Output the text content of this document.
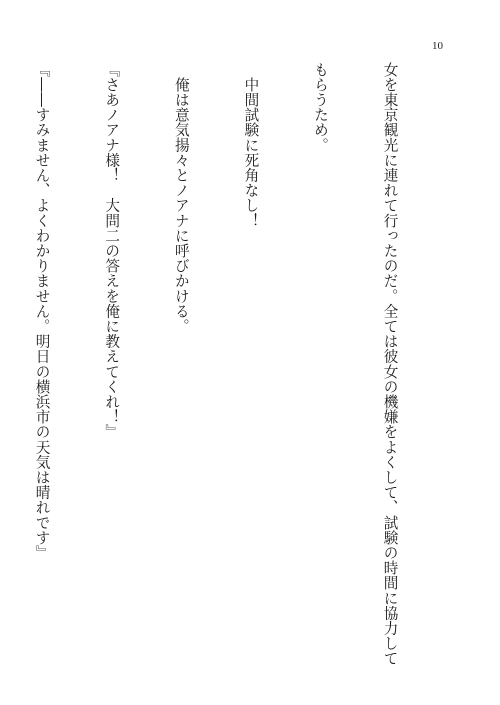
10

女を東京観光に連れて行ったのだ。全ては彼女の機嫌をよくして、試験の時間に協力して

もらうため。

　中間試験に死角なし！

　俺は意気揚々とノアナに呼びかける。

『さあノアナ様！　大問二の答えを俺に教えてくれ！』

『――すみません、よくわかりません。明日の横浜市の天気は晴れです』
